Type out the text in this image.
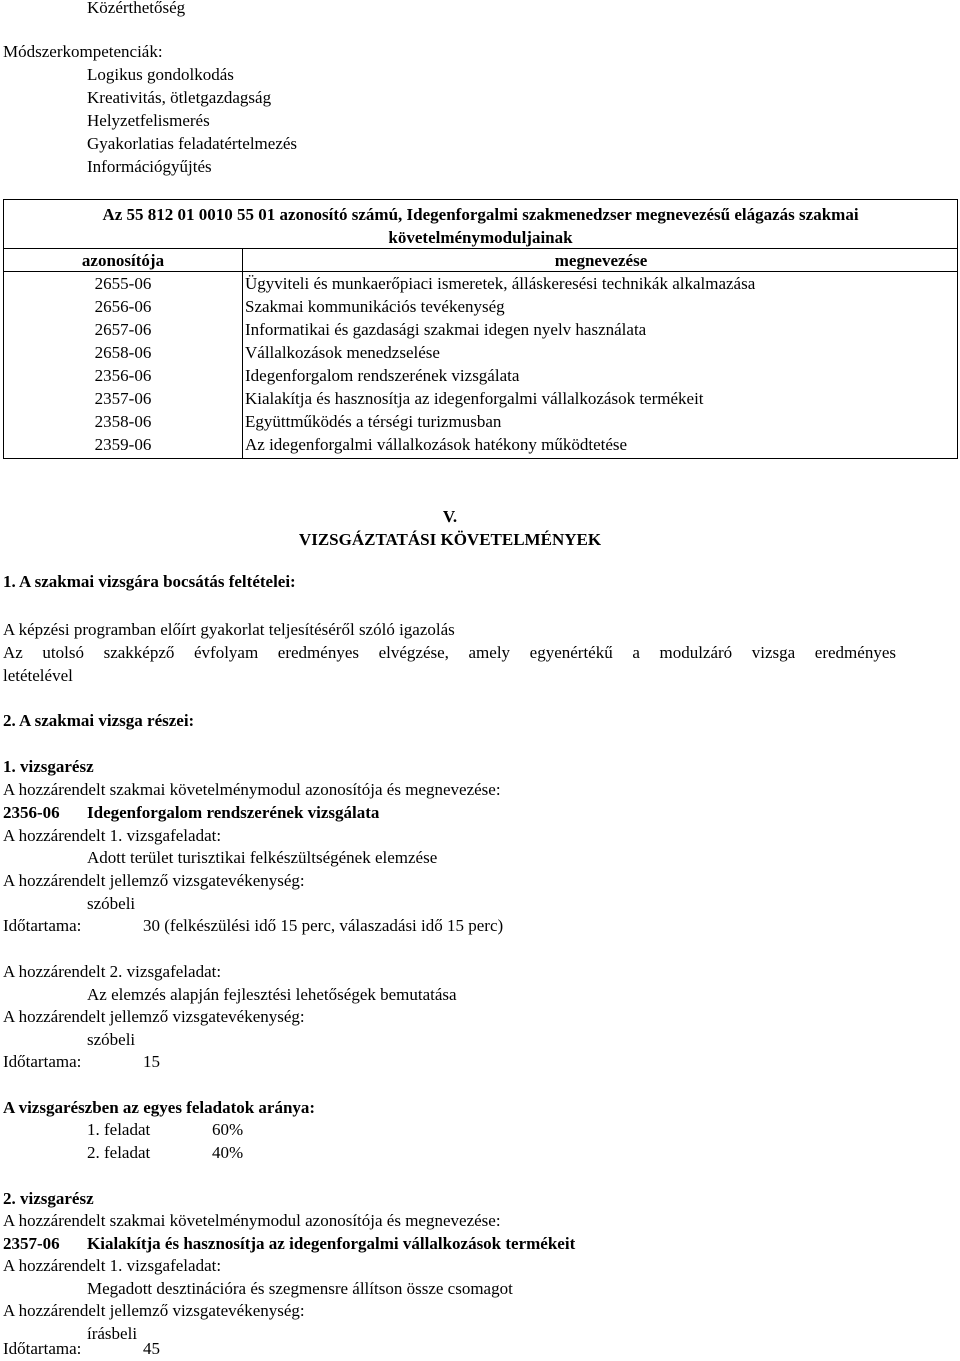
Közérthetőség
Módszerkompetenciák:
Logikus gondolkodás
Kreativitás, ötletgazdagság
Helyzetfelismerés
Gyakorlatias feladatértelmezés
Információgyűjtés
Az 55 812 01 0010 55 01 azonosító számú, Idegenforgalmi szakmenedzser megnevezésű elágazás szakmai
követelménymoduljainak
azonosítója	megnevezése
2655-06	Ügyviteli és munkaerőpiaci ismeretek, álláskeresési technikák alkalmazása
2656-06	Szakmai kommunikációs tevékenység
2657-06	Informatikai és gazdasági szakmai idegen nyelv használata
2658-06	Vállalkozások menedzselése
2356-06	Idegenforgalom rendszerének vizsgálata
2357-06	Kialakítja és hasznosítja az idegenforgalmi vállalkozások termékeit
2358-06	Együttműködés a térségi turizmusban
2359-06	Az idegenforgalmi vállalkozások hatékony működtetése
V.
VIZSGÁZTATÁSI KÖVETELMÉNYEK
1. A szakmai vizsgára bocsátás feltételei:
A képzési programban előírt gyakorlat teljesítéséről szóló igazolás
Az utolsó szakképző évfolyam eredményes elvégzése, amely egyenértékű a modulzáró vizsga eredményes
letételével
2. A szakmai vizsga részei:
1. vizsgarész
A hozzárendelt szakmai követelménymodul azonosítója és megnevezése:
2356-06 Idegenforgalom rendszerének vizsgálata
A hozzárendelt 1. vizsgafeladat:
Adott terület turisztikai felkészültségének elemzése
A hozzárendelt jellemző vizsgatevékenység:
szóbeli
Időtartama:	30 (felkészülési idő 15 perc, válaszadási idő 15 perc)
A hozzárendelt 2. vizsgafeladat:
Az elemzés alapján fejlesztési lehetőségek bemutatása
A hozzárendelt jellemző vizsgatevékenység:
szóbeli
Időtartama:	15
A vizsgarészben az egyes feladatok aránya:
1. feladat	60%
2. feladat	40%
2. vizsgarész
A hozzárendelt szakmai követelménymodul azonosítója és megnevezése:
2357-06 Kialakítja és hasznosítja az idegenforgalmi vállalkozások termékeit
A hozzárendelt 1. vizsgafeladat:
Megadott desztinációra és szegmensre állítson össze csomagot
A hozzárendelt jellemző vizsgatevékenység:
írásbeli
Időtartama:	45
